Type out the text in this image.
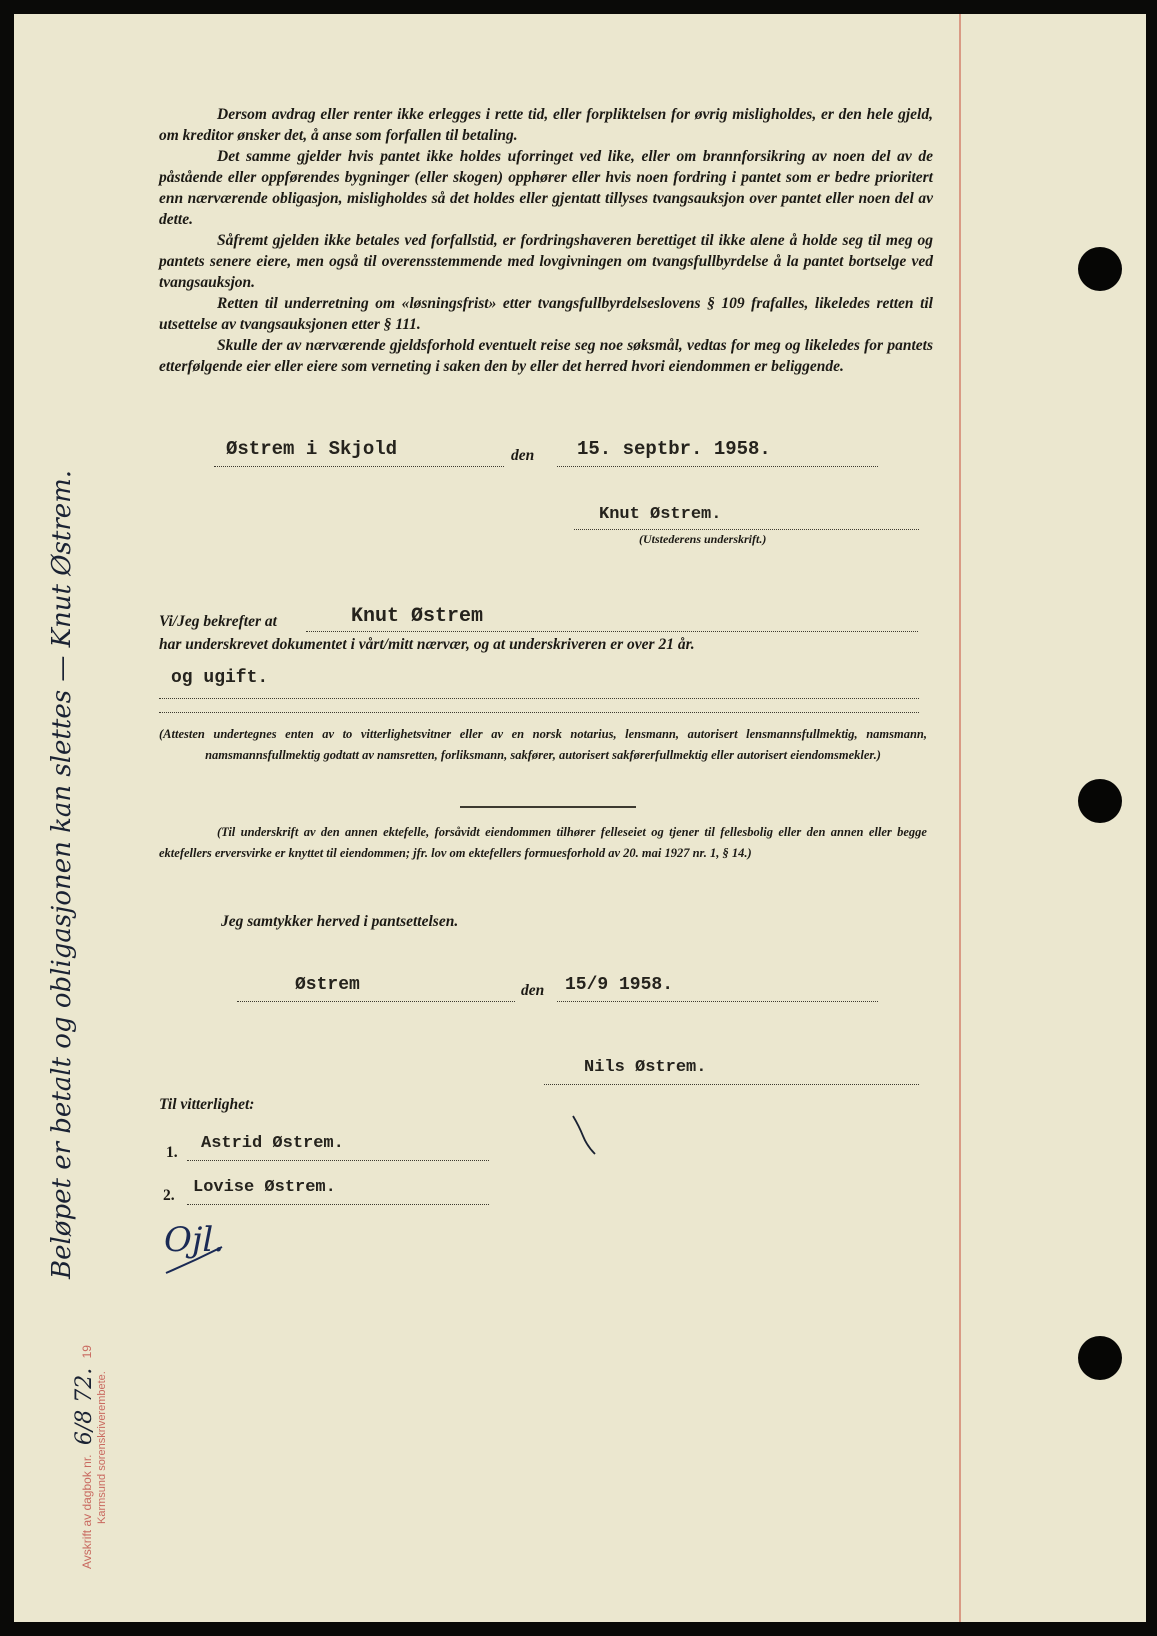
Beløpet er betalt og obligasjonen kan slettes — Knut Østrem.
Avskrift av dagbok nr. 6/8 72. 19
Karmsund sorenskriverembete.

Dersom avdrag eller renter ikke erlegges i rette tid, eller forpliktelsen for øvrig misligholdes, er den hele gjeld, om kreditor ønsker det, å anse som forfallen til betaling.

Det samme gjelder hvis pantet ikke holdes uforringet ved like, eller om brannforsikring av noen del av de påstående eller oppførendes bygninger (eller skogen) opphører eller hvis noen fordring i pantet som er bedre prioritert enn nærværende obligasjon, misligholdes så det holdes eller gjentatt tillyses tvangsauksjon over pantet eller noen del av dette.

Såfremt gjelden ikke betales ved forfallstid, er fordringshaveren berettiget til ikke alene å holde seg til meg og pantets senere eiere, men også til overensstemmende med lovgivningen om tvangsfullbyrdelse å la pantet bortselge ved tvangsauksjon.

Retten til underretning om «løsningsfrist» etter tvangsfullbyrdelseslovens § 109 frafalles, likeledes retten til utsettelse av tvangsauksjonen etter § 111.

Skulle der av nærværende gjeldsforhold eventuelt reise seg noe søksmål, vedtas for meg og likeledes for pantets etterfølgende eier eller eiere som verneting i saken den by eller det herred hvori eiendommen er beliggende.

Østrem i Skjold	den 15. septbr. 1958.
Knut Østrem.
(Utstederens underskrift.)
Vi/Jeg bekrefter at	Knut Østrem

har underskrevet dokumentet i vårt/mitt nærvær, og at underskriveren er over 21 år.

og ugift.

(Attesten undertegnes enten av to vitterlighetsvitner eller av en norsk notarius, lensmann, autorisert lensmannsfullmektig, namsmann, namsmannsfullmektig godtatt av namsretten, forliksmann, sakfører, autorisert sakførerfullmektig eller autorisert eiendomsmekler.)

(Til underskrift av den annen ektefelle, forsåvidt eiendommen tilhører felleseiet og tjener til fellesbolig eller den annen eller begge ektefellers erversvirke er knyttet til eiendommen; jfr. lov om ektefellers formuesforhold av 20. mai 1927 nr. 1, § 14.)

Jeg samtykker herved i pantsettelsen.
Østrem	den 15/9 1958.
Nils Østrem.
Til vitterlighet:
1. Astrid Østrem.
2. Lovise Østrem.
Ojl.
